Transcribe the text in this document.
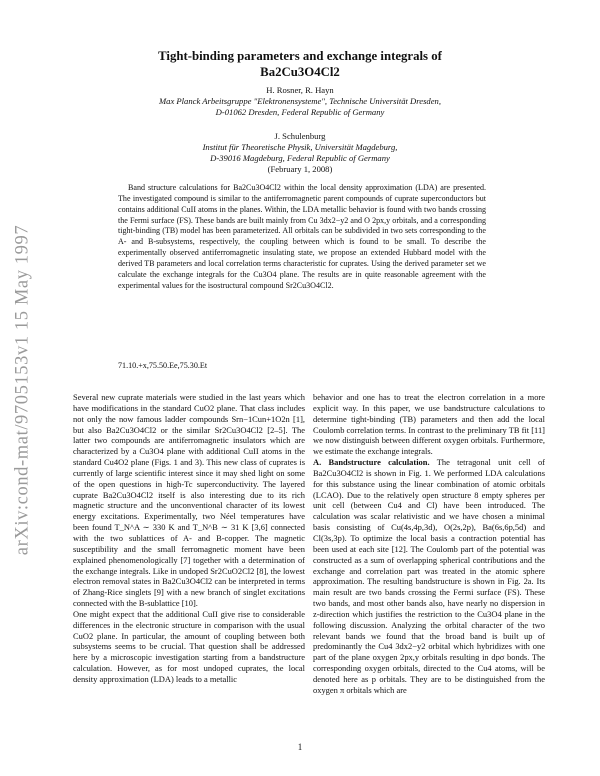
arXiv:cond-mat/9705153v1 15 May 1997
Tight-binding parameters and exchange integrals of
Ba2Cu3O4Cl2
H. Rosner, R. Hayn
Max Planck Arbeitsgruppe "Elektronensysteme", Technische Universität Dresden,
D-01062 Dresden, Federal Republic of Germany
J. Schulenburg
Institut für Theoretische Physik, Universität Magdeburg,
D-39016 Magdeburg, Federal Republic of Germany
(February 1, 2008)
Band structure calculations for Ba2Cu3O4Cl2 within the local density approximation (LDA) are presented. The investigated compound is similar to the antiferromagnetic parent compounds of cuprate superconductors but contains additional CuII atoms in the planes. Within, the LDA metallic behavior is found with two bands crossing the Fermi surface (FS). These bands are built mainly from Cu 3dx2−y2 and O 2px,y orbitals, and a corresponding tight-binding (TB) model has been parameterized. All orbitals can be subdivided in two sets corresponding to the A- and B-subsystems, respectively, the coupling between which is found to be small. To describe the experimentally observed antiferromagnetic insulating state, we propose an extended Hubbard model with the derived TB parameters and local correlation terms characteristic for cuprates. Using the derived parameter set we calculate the exchange integrals for the Cu3O4 plane. The results are in quite reasonable agreement with the experimental values for the isostructural compound Sr2Cu3O4Cl2.
71.10.+x,75.50.Ee,75.30.Et

Several new cuprate materials were studied in the last years which have modifications in the standard CuO2 plane. That class includes not only the now famous ladder compounds Srn−1Cun+1O2n [1], but also Ba2Cu3O4Cl2 or the similar Sr2Cu3O4Cl2 [2–5]. The latter two compounds are antiferromagnetic insulators which are characterized by a Cu3O4 plane with additional CuII atoms in the standard Cu4O2 plane (Figs. 1 and 3). This new class of cuprates is currently of large scientific interest since it may shed light on some of the open questions in high-Tc superconductivity. The layered cuprate Ba2Cu3O4Cl2 itself is also interesting due to its rich magnetic structure and the unconventional character of its lowest energy excitations. Experimentally, two Néel temperatures have been found T_N^A ∼ 330 K and T_N^B ∼ 31 K [3,6] connected with the two sublattices of A- and B-copper. The magnetic susceptibility and the small ferromagnetic moment have been explained phenomenologically [7] together with a determination of the exchange integrals. Like in undoped Sr2CuO2Cl2 [8], the lowest electron removal states in Ba2Cu3O4Cl2 can be interpreted in terms of Zhang-Rice singlets [9] with a new branch of singlet excitations connected with the B-sublattice [10].

One might expect that the additional CuII give rise to considerable differences in the electronic structure in comparison with the usual CuO2 plane. In particular, the amount of coupling between both subsystems seems to be crucial. That question shall be addressed here by a microscopic investigation starting from a bandstructure calculation. However, as for most undoped cuprates, the local density approximation (LDA) leads to a metallic

behavior and one has to treat the electron correlation in a more explicit way. In this paper, we use bandstructure calculations to determine tight-binding (TB) parameters and then add the local Coulomb correlation terms. In contrast to the preliminary TB fit [11] we now distinguish between different oxygen orbitals. Furthermore, we estimate the exchange integrals.

A. Bandstructure calculation. The tetragonal unit cell of Ba2Cu3O4Cl2 is shown in Fig. 1. We performed LDA calculations for this substance using the linear combination of atomic orbitals (LCAO). Due to the relatively open structure 8 empty spheres per unit cell (between Cu4 and Cl) have been introduced. The calculation was scalar relativistic and we have chosen a minimal basis consisting of Cu(4s,4p,3d), O(2s,2p), Ba(6s,6p,5d) and Cl(3s,3p). To optimize the local basis a contraction potential has been used at each site [12]. The Coulomb part of the potential was constructed as a sum of overlapping spherical contributions and the exchange and correlation part was treated in the atomic sphere approximation. The resulting bandstructure is shown in Fig. 2a. Its main result are two bands crossing the Fermi surface (FS). These two bands, and most other bands also, have nearly no dispersion in z-direction which justifies the restriction to the Cu3O4 plane in the following discussion. Analyzing the orbital character of the two relevant bands we found that the broad band is built up of predominantly the Cu4 3dx2−y2 orbital which hybridizes with one part of the plane oxygen 2px,y orbitals resulting in dpσ bonds. The corresponding oxygen orbitals, directed to the Cu4 atoms, will be denoted here as p orbitals. They are to be distinguished from the oxygen π orbitals which are

1
